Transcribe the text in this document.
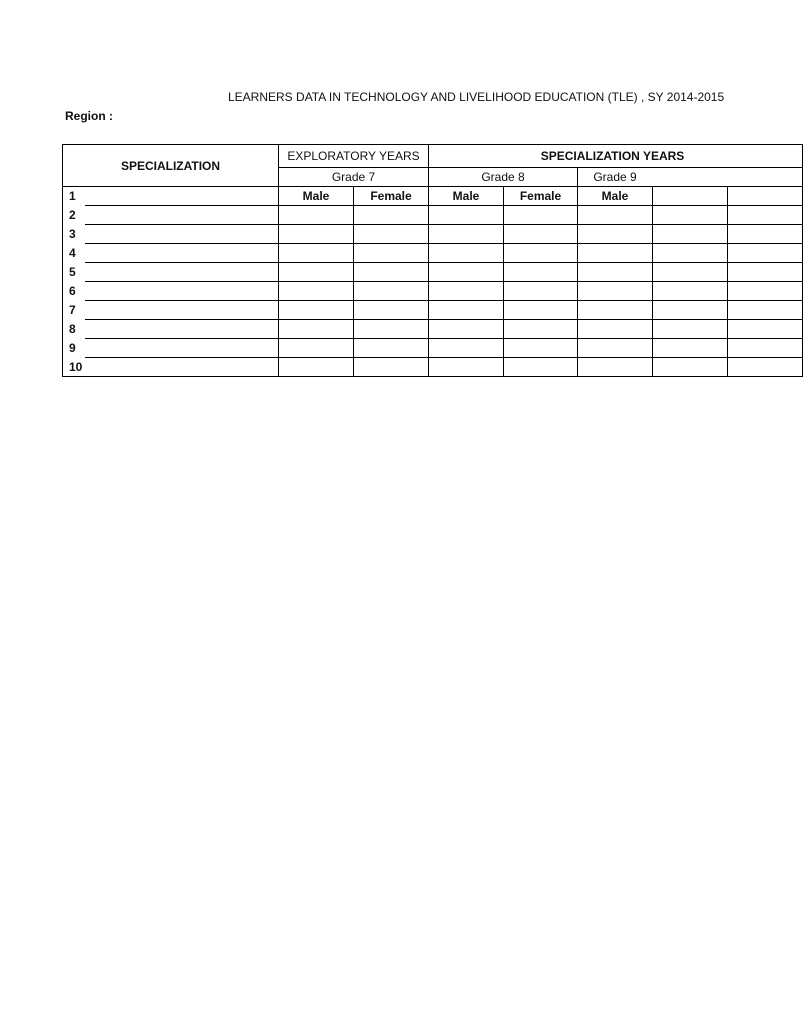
LEARNERS DATA IN TECHNOLOGY AND LIVELIHOOD EDUCATION (TLE) , SY 2014-2015
Region :
SPECIALIZATION		EXPLORATORY YEARS		SPECIALIZATION YEARS				
		Grade 7		Grade 8		Grade 9		
1		Male	Female	Male	Female	Male		
2								
3								
4								
5								
6								
7								
8								
9								
10								
